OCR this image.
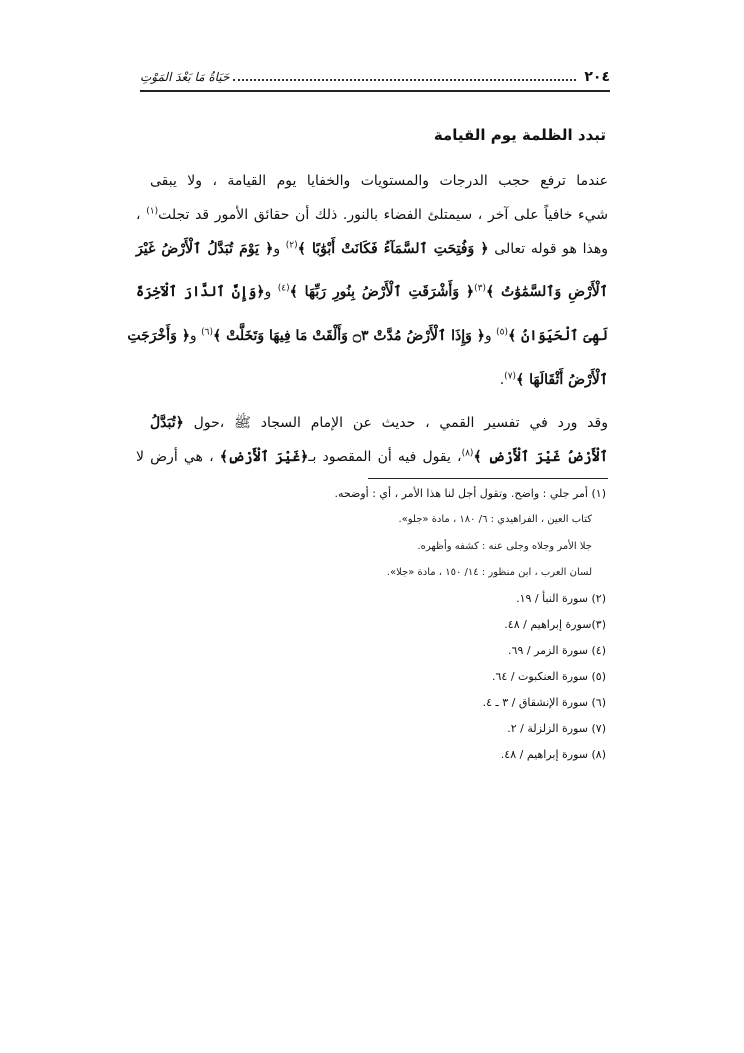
٢٠٤
حَيَاةُ مَا بَعْدَ المَوْتِ
تبدد الظلمة يوم القيامة
عندما ترفع حجب الدرجات والمستويات والخفايا يوم القيامة ، ولا يبقى
شيء خافياً على آخر ، سيمتلئ الفضاء بالنور. ذلك أن حقائق الأمور قد تجلت$^{(١)}$ ،
وهذا هو قوله تعالى ﴿ وَفُتِحَتِ ٱلسَّمَآءُ فَكَانَتْ أَبْوَٰبًا ﴾$^{(٢)}$ و﴿ يَوْمَ تُبَدَّلُ ٱلْأَرْضُ غَيْرَ
ٱلْأَرْضِ وَٱلسَّمَٰوَٰتُ ﴾$^{(٣)}$﴿ وَأَشْرَقَتِ ٱلْأَرْضُ بِنُورِ رَبِّهَا ﴾$^{(٤)}$ و﴿وَإِنَّ ٱلدَّارَ ٱلْآخِرَةَ
لَهِىَ ٱلْحَيَوَانُ ﴾$^{(٥)}$ و﴿ وَإِذَا ٱلْأَرْضُ مُدَّتْ ۝٣ وَأَلْقَتْ مَا فِيهَا وَتَخَلَّتْ ﴾$^{(٦)}$ و﴿ وَأَخْرَجَتِ
ٱلْأَرْضُ أَثْقَالَهَا ﴾$^{(٧)}$.
وقد ورد في تفسير القمي ، حديث عن الإمام السجاد ﷺ ،حول ﴿تُبَدَّلُ
ٱلْأَرْضُ غَيْرَ ٱلْأَرْضِ ﴾$^{(٨)}$، يقول فيه أن المقصود بـ﴿غَيْرَ ٱلْأَرْضِ﴾ ، هي أرض لا
(١) أمر جلي : واضح. وتقول أجل لنا هذا الأمر ، أي : أوضحه.
كتاب العين ، الفراهيدي : ٦/ ١٨٠ ، مادة «جلو».
جلا الأمر وجلاه وجلى عنه : كشفه وأظهره.
لسان العرب ، ابن منظور : ١٤/ ١٥٠ ، مادة «جلا».
(٢) سورة النبأ / ١٩.
(٣)سورة إبراهيم / ٤٨.
(٤) سورة الزمر / ٦٩.
(٥) سورة العنكبوت / ٦٤.
(٦) سورة الإنشقاق / ٣ ـ ٤.
(٧) سورة الزلزلة / ٢.
(٨) سورة إبراهيم / ٤٨.
